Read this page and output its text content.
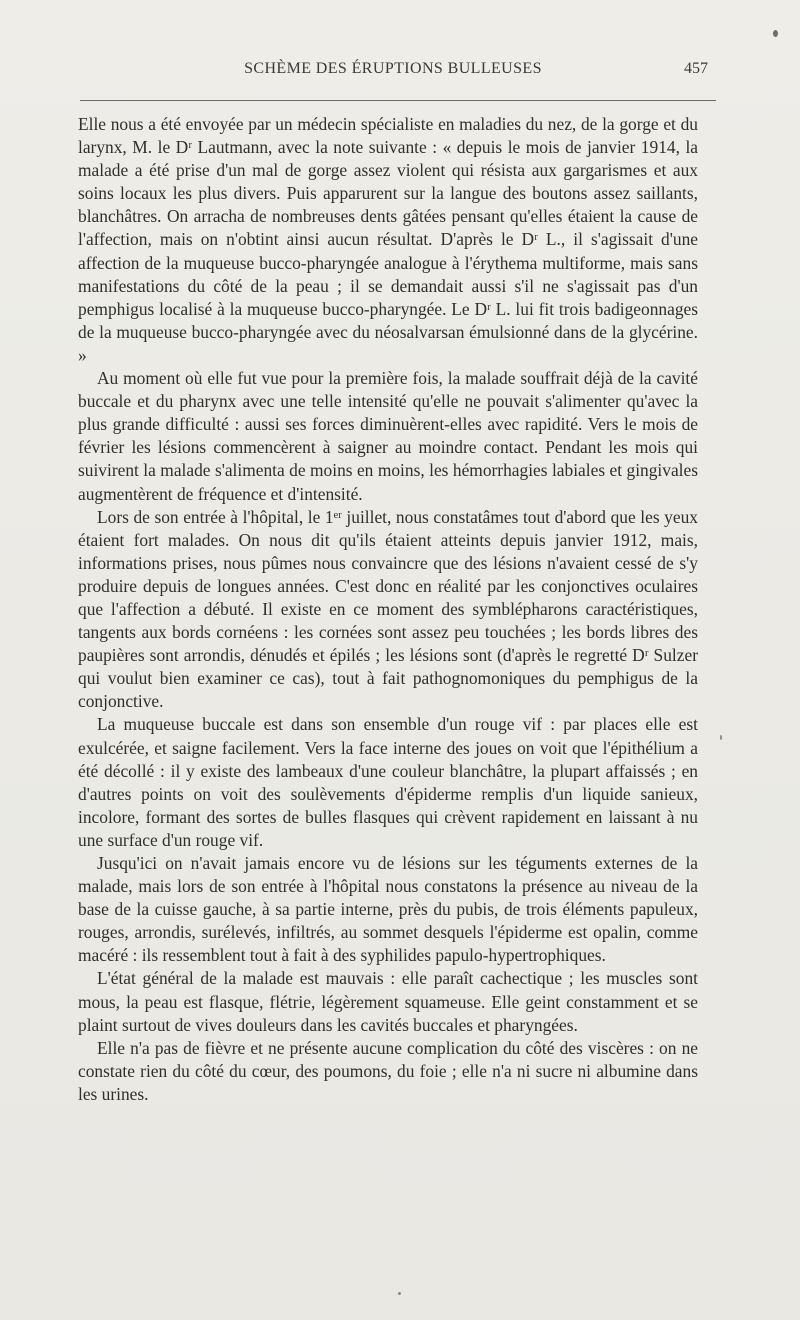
SCHÈME DES ÉRUPTIONS BULLEUSES	457

Elle nous a été envoyée par un médecin spécialiste en maladies du nez, de la gorge et du larynx, M. le Dʳ Lautmann, avec la note suivante : « depuis le mois de janvier 1914, la malade a été prise d'un mal de gorge assez violent qui résista aux gargarismes et aux soins locaux les plus divers. Puis apparurent sur la langue des boutons assez saillants, blanchâtres. On arracha de nombreuses dents gâtées pensant qu'elles étaient la cause de l'affection, mais on n'obtint ainsi aucun résultat. D'après le Dʳ L., il s'agissait d'une affection de la muqueuse bucco-pharyngée analogue à l'érythema multiforme, mais sans manifestations du côté de la peau ; il se demandait aussi s'il ne s'agissait pas d'un pemphigus localisé à la muqueuse bucco-pharyngée. Le Dʳ L. lui fit trois badigeonnages de la muqueuse bucco-pharyngée avec du néosalvarsan émulsionné dans de la glycérine. »

Au moment où elle fut vue pour la première fois, la malade souffrait déjà de la cavité buccale et du pharynx avec une telle intensité qu'elle ne pouvait s'alimenter qu'avec la plus grande difficulté : aussi ses forces diminuèrent-elles avec rapidité. Vers le mois de février les lésions commencèrent à saigner au moindre contact. Pendant les mois qui suivirent la malade s'alimenta de moins en moins, les hémorrhagies labiales et gingivales augmentèrent de fréquence et d'intensité.

Lors de son entrée à l'hôpital, le 1ᵉʳ juillet, nous constatâmes tout d'abord que les yeux étaient fort malades. On nous dit qu'ils étaient atteints depuis janvier 1912, mais, informations prises, nous pûmes nous convaincre que des lésions n'avaient cessé de s'y produire depuis de longues années. C'est donc en réalité par les conjonctives oculaires que l'affection a débuté. Il existe en ce moment des symblépharons caractéristiques, tangents aux bords cornéens : les cornées sont assez peu touchées ; les bords libres des paupières sont arrondis, dénudés et épilés ; les lésions sont (d'après le regretté Dʳ Sulzer qui voulut bien examiner ce cas), tout à fait pathognomoniques du pemphigus de la conjonctive.

La muqueuse buccale est dans son ensemble d'un rouge vif : par places elle est exulcérée, et saigne facilement. Vers la face interne des joues on voit que l'épithélium a été décollé : il y existe des lambeaux d'une couleur blanchâtre, la plupart affaissés ; en d'autres points on voit des soulèvements d'épiderme remplis d'un liquide sanieux, incolore, formant des sortes de bulles flasques qui crèvent rapidement en laissant à nu une surface d'un rouge vif.

Jusqu'ici on n'avait jamais encore vu de lésions sur les téguments externes de la malade, mais lors de son entrée à l'hôpital nous constatons la présence au niveau de la base de la cuisse gauche, à sa partie interne, près du pubis, de trois éléments papuleux, rouges, arrondis, surélevés, infiltrés, au sommet desquels l'épiderme est opalin, comme macéré : ils ressemblent tout à fait à des syphilides papulo-hypertrophiques.

L'état général de la malade est mauvais : elle paraît cachectique ; les muscles sont mous, la peau est flasque, flétrie, légèrement squameuse. Elle geint constamment et se plaint surtout de vives douleurs dans les cavités buccales et pharyngées.

Elle n'a pas de fièvre et ne présente aucune complication du côté des viscères : on ne constate rien du côté du cœur, des poumons, du foie ; elle n'a ni sucre ni albumine dans les urines.
